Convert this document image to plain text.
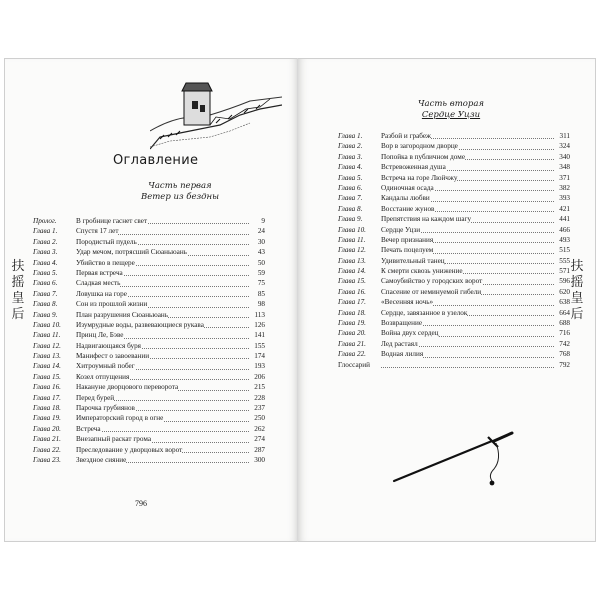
Оглавление
Часть первая
Ветер из бездны
Пролог.	В гробнице гаснет свет	9
Глава 1.	Спустя 17 лет	24
Глава 2.	Породистый пудель	30
Глава 3.	Удар мечом, потрясший Сюаньюань	43
Глава 4.	Убийство в пещере	50
Глава 5.	Первая встреча	59
Глава 6.	Сладкая месть	75
Глава 7.	Ловушка на горе	85
Глава 8.	Сон из прошлой жизни	98
Глава 9.	План разрушения Сюаньюань	113
Глава 10. Изумрудные воды, развевающиеся рукава	126
Глава 11. Принц Ле, Бэве	141
Глава 12. Надвигающаяся буря	155
Глава 13. Манифест о завоевании	174
Глава 14. Хитроумный побег	193
Глава 15. Козел отпущения	206
Глава 16. Накануне дворцового переворота	215
Глава 17. Перед бурей	228
Глава 18. Парочка грубиянов	237
Глава 19. Императорский город в огне	250
Глава 20. Встреча	262
Глава 21. Внезапный раскат грома	274
Глава 22. Преследование у дворцовых ворот	287
Глава 23. Звездное сияние	300
扶
摇
皇
后
796
Часть вторая
Сердце Уцзи
Глава 1.	Разбой и грабеж	311
Глава 2.	Вор в загородном дворце	324
Глава 3.	Попойка в публичном доме	340
Глава 4.	Встревоженная душа	348
Глава 5.	Встреча на горе Люйчжу	371
Глава 6.	Одиночная осада	382
Глава 7.	Кандалы любви	393
Глава 8.	Восстание жунов	421
Глава 9.	Препятствия на каждом шагу	441
Глава 10. Сердце Уцзи	466
Глава 11. Вечер признания	493
Глава 12. Печать поцелуем	515
Глава 13. Удивительный танец	555
Глава 14. К смерти сквозь унижение	571
Глава 15. Самоубийство у городских ворот	596
Глава 16. Спасение от неминуемой гибели	620
Глава 17. «Весенняя ночь»	638
Глава 18. Сердце, завязанное в узелок	664
Глава 19. Возвращение	688
Глава 20. Война двух сердец	716
Глава 21. Лед растаял	742
Глава 22. Водная лилия	768
Глоссарий	792
扶
摇
皇
后
